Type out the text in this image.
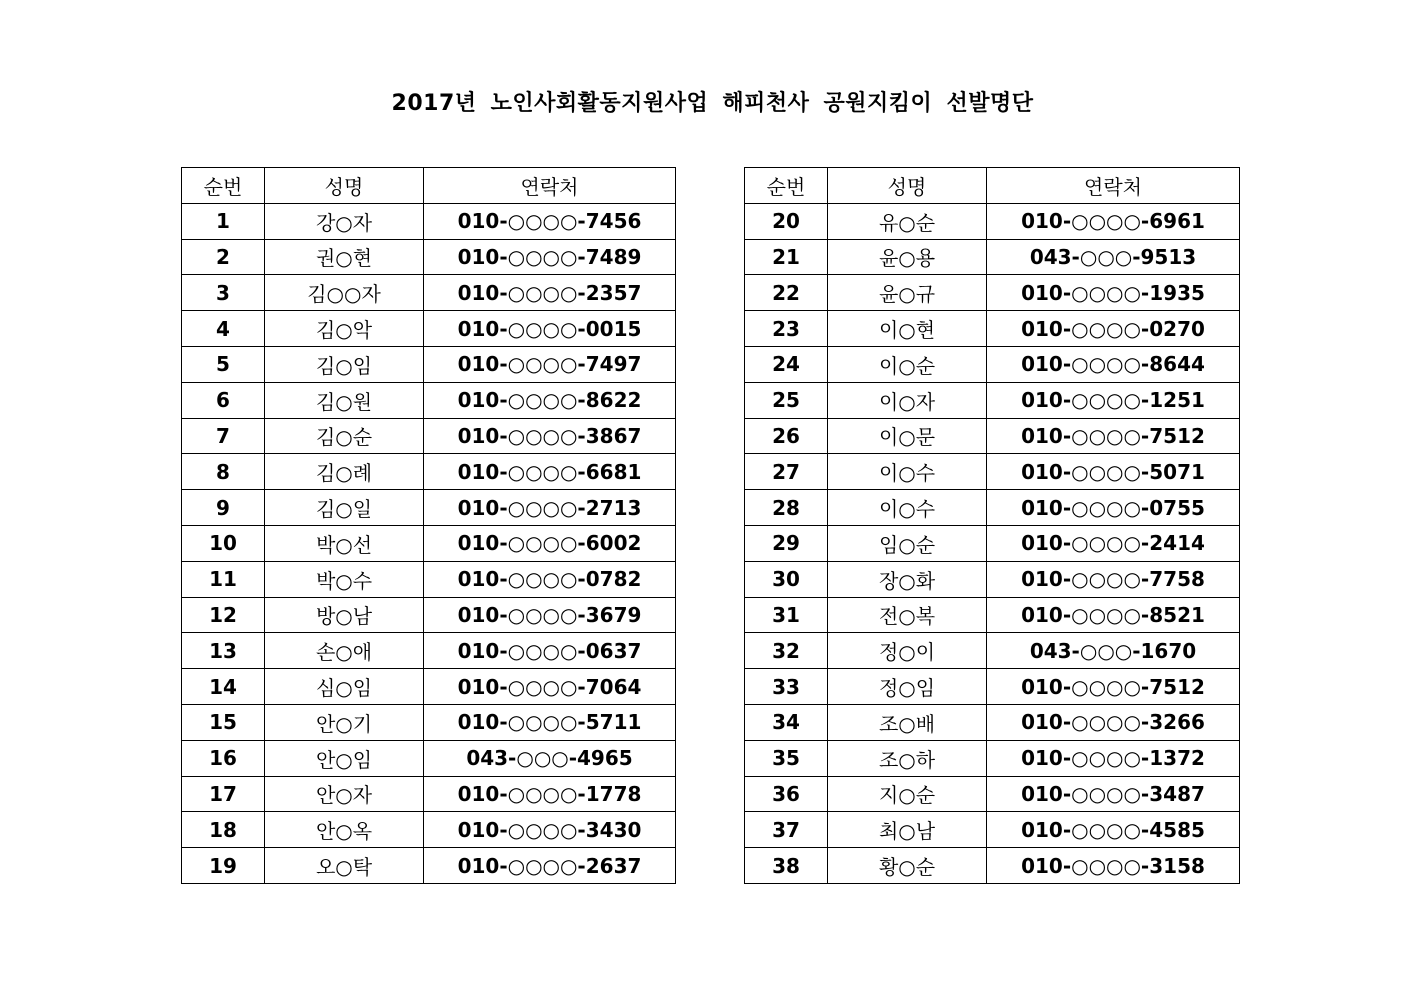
2017년 노인사회활동지원사업 해피천사 공원지킴이 선발명단
순번	성명	연락처
1	강○자	010-○○○○-7456
2	권○현	010-○○○○-7489
3	김○○자	010-○○○○-2357
4	김○악	010-○○○○-0015
5	김○임	010-○○○○-7497
6	김○원	010-○○○○-8622
7	김○순	010-○○○○-3867
8	김○례	010-○○○○-6681
9	김○일	010-○○○○-2713
10	박○선	010-○○○○-6002
11	박○수	010-○○○○-0782
12	방○남	010-○○○○-3679
13	손○애	010-○○○○-0637
14	심○임	010-○○○○-7064
15	안○기	010-○○○○-5711
16	안○임	043-○○○-4965
17	안○자	010-○○○○-1778
18	안○옥	010-○○○○-3430
19	오○탁	010-○○○○-2637
순번	성명	연락처
20	유○순	010-○○○○-6961
21	윤○용	043-○○○-9513
22	윤○규	010-○○○○-1935
23	이○현	010-○○○○-0270
24	이○순	010-○○○○-8644
25	이○자	010-○○○○-1251
26	이○문	010-○○○○-7512
27	이○수	010-○○○○-5071
28	이○수	010-○○○○-0755
29	임○순	010-○○○○-2414
30	장○화	010-○○○○-7758
31	전○복	010-○○○○-8521
32	정○이	043-○○○-1670
33	정○임	010-○○○○-7512
34	조○배	010-○○○○-3266
35	조○하	010-○○○○-1372
36	지○순	010-○○○○-3487
37	최○남	010-○○○○-4585
38	황○순	010-○○○○-3158
